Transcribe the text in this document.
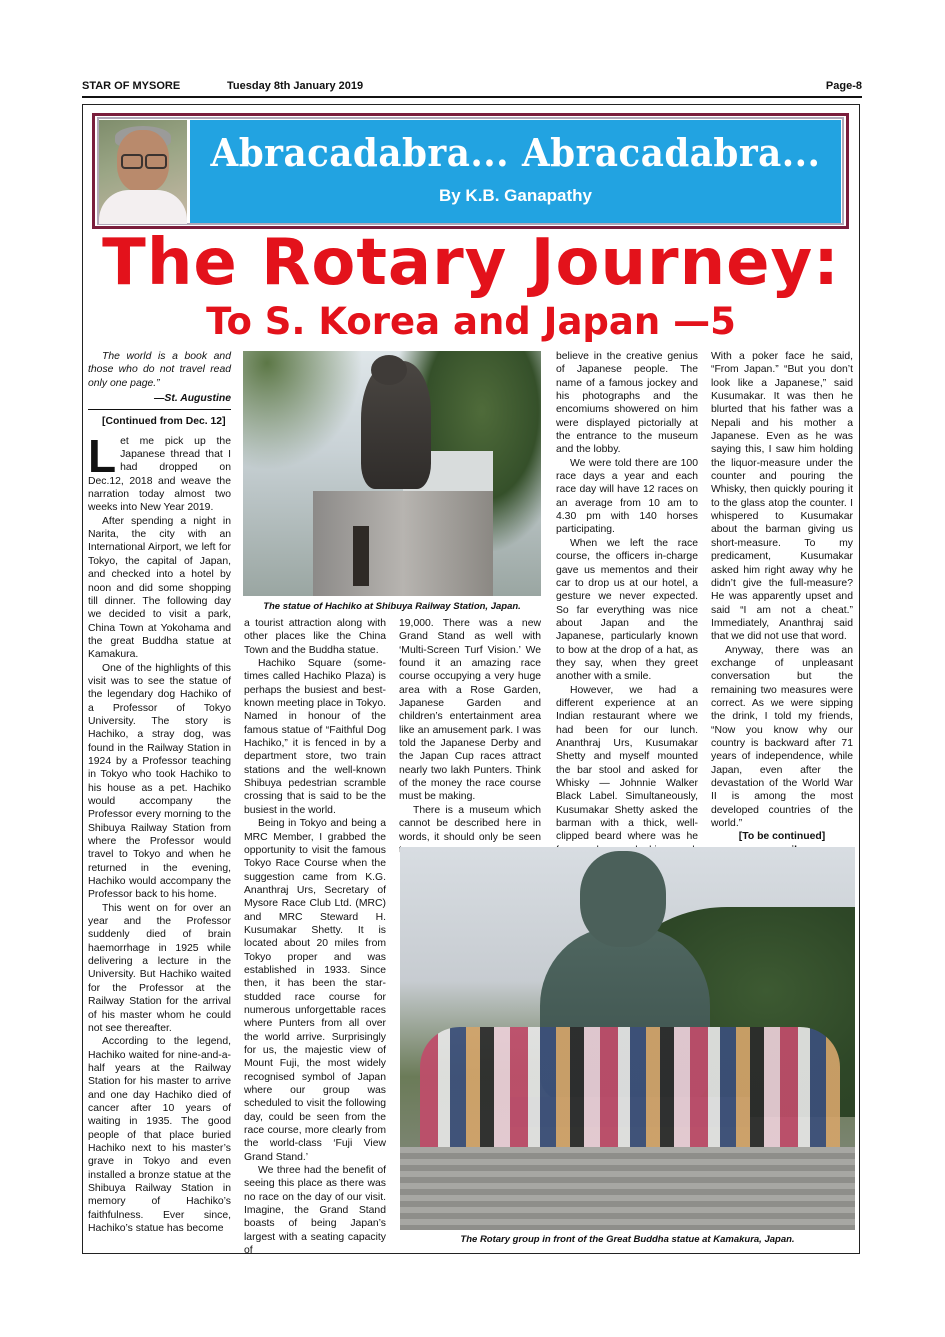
STAR OF MYSORE	Tuesday 8th January 2019	Page-8
Abracadabra... Abracadabra...
By K.B. Ganapathy
The Rotary Journey:
To S. Korea and Japan —5

The world is a book and those who do not travel read only one page.”

—St. Augustine
[Continued from Dec. 12]

Let me pick up the Japanese thread that I had dropped on Dec.12, 2018 and weave the narration today almost two weeks into New Year 2019.

After spending a night in Narita, the city with an International Airport, we left for Tokyo, the capital of Japan, and checked into a hotel by noon and did some shopping till dinner. The following day we decided to visit a park, China Town at Yokohama and the great Buddha statue at Kamakura.

One of the highlights of this visit was to see the statue of the legendary dog Hachiko of a Professor of Tokyo University. The story is Hachiko, a stray dog, was found in the Railway Station in 1924 by a Professor teaching in Tokyo who took Hachiko to his house as a pet. Hachiko would accompany the Professor every morning to the Shibuya Railway Station from where the Professor would travel to Tokyo and when he returned in the evening, Hachiko would accompany the Professor back to his home.

This went on for over an year and the Professor suddenly died of brain haemorrhage in 1925 while delivering a lecture in the University. But Hachiko waited for the Professor at the Railway Station for the arrival of his master whom he could not see thereafter.

According to the legend, Hachiko waited for nine-and-a-half years at the Railway Station for his master to arrive and one day Hachiko died of cancer after 10 years of waiting in 1935. The good people of that place buried Hachiko next to his master’s grave in Tokyo and even installed a bronze statue at the Shibuya Railway Station in memory of Hachiko’s faithfulness. Ever since, Hachiko’s statue has become

The statue of Hachiko at Shibuya Railway Station, Japan.

a tourist attraction along with other places like the China Town and the Buddha statue.

Hachiko Square (some-times called Hachiko Plaza) is perhaps the busiest and best-known meeting place in Tokyo. Named in honour of the famous statue of “Faithful Dog Hachiko,” it is fenced in by a department store, two train stations and the well-known Shibuya pedestrian scramble crossing that is said to be the busiest in the world.

Being in Tokyo and being a MRC Member, I grabbed the opportunity to visit the famous Tokyo Race Course when the suggestion came from K.G. Ananthraj Urs, Secretary of Mysore Race Club Ltd. (MRC) and MRC Steward H. Kusumakar Shetty. It is located about 20 miles from Tokyo proper and was established in 1933. Since then, it has been the star-studded race course for numerous unforgettable races where Punters from all over the world arrive. Surprisingly for us, the majestic view of Mount Fuji, the most widely recognised symbol of Japan where our group was scheduled to visit the following day, could be seen from the race course, more clearly from the world-class ‘Fuji View Grand Stand.’

We three had the benefit of seeing this place as there was no race on the day of our visit. Imagine, the Grand Stand boasts of being Japan’s largest with a seating capacity of

19,000. There was a new Grand Stand as well with ‘Multi-Screen Turf Vision.’ We found it an amazing race course occupying a very huge area with a Rose Garden, Japanese Garden and children’s entertainment area like an amusement park. I was told the Japanese Derby and the Japan Cup races attract nearly two lakh Punters. Think of the money the race course must be making.

There is a museum which cannot be described here in words, it should only be seen

believe in the creative genius of Japanese people. The name of a famous jockey and his photographs and the encomiums showered on him were displayed pictorially at the entrance to the museum and the lobby.

We were told there are 100 race days a year and each race day will have 12 races on an average from 10 am to 4.30 pm with 140 horses participating.

When we left the race course, the officers in-charge gave us mementos and their car to drop us at our hotel, a gesture we never expected. So far everything was nice about Japan and the Japanese, particularly known to bow at the drop of a hat, as they say, when they greet another with a smile.

However, we had a different experience at an Indian restaurant where we had been for our lunch. Ananthraj Urs, Kusumakar Shetty and myself mounted the bar stool and asked for Whisky — Johnnie Walker Black Label. Simultaneously, Kusumakar Shetty asked the barman with a thick, well-clipped beard where was he

With a poker face he said, “From Japan.” “But you don’t look like a Japanese,” said Kusumakar. It was then he blurted that his father was a Nepali and his mother a Japanese. Even as he was saying this, I saw him holding the liquor-measure under the counter and pouring the Whisky, then quickly pouring it to the glass atop the counter. I whispered to Kusumakar about the barman giving us short-measure. To my predicament, Kusumakar asked him right away why he didn’t give the full-measure? He was apparently upset and said “I am not a cheat.” Immediately, Ananthraj said that we did not use that word.

Anyway, there was an exchange of unpleasant conversation but the remaining two measures were correct. As we were sipping the drink, I told my friends, “Now you know why our country is backward after 71 years of independence, while Japan, even after the devastation of the World War II is among the most developed countries of the world.”

[To be continued]

The Rotary group in front of the Great Buddha statue at Kamakura, Japan.
